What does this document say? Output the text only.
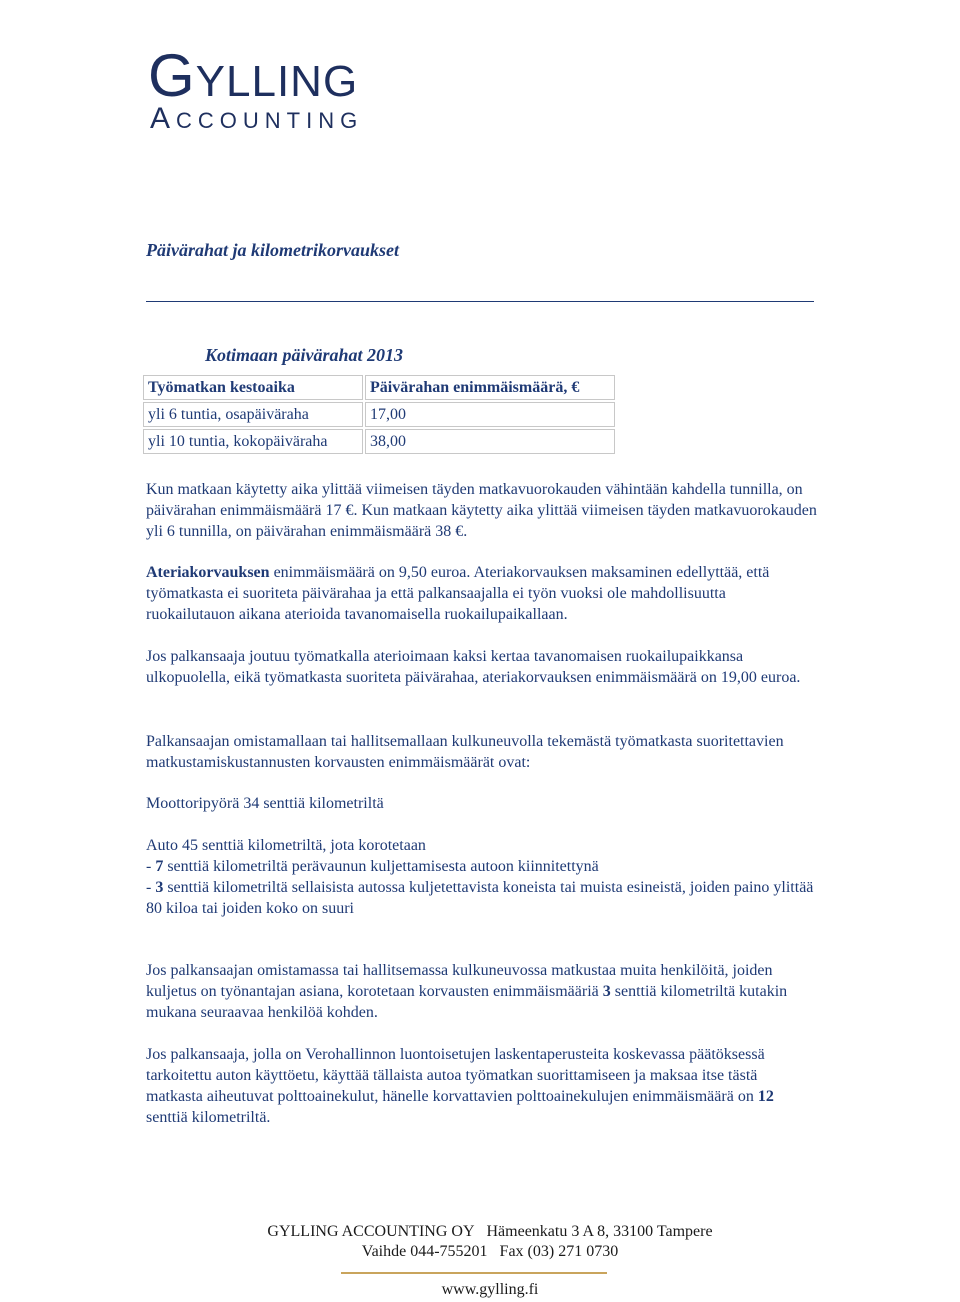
GYLLING
ACCOUNTING
Päivärahat ja kilometrikorvaukset
Kotimaan päivärahat 2013
Työmatkan kestoaika	Päivärahan enimmäismäärä, €
yli 6 tuntia, osapäiväraha	17,00
yli 10 tuntia, kokopäiväraha	38,00
Kun matkaan käytetty aika ylittää viimeisen täyden matkavuorokauden vähintään kahdella tunnilla, on päivärahan enimmäismäärä 17 €. Kun matkaan käytetty aika ylittää viimeisen täyden matkavuorokauden yli 6 tunnilla, on päivärahan enimmäismäärä 38 €.
Ateriakorvauksen enimmäismäärä on 9,50 euroa. Ateriakorvauksen maksaminen edellyttää, että työmatkasta ei suoriteta päivärahaa ja että palkansaajalla ei työn vuoksi ole mahdollisuutta ruokailutauon aikana aterioida tavanomaisella ruokailupaikallaan.
Jos palkansaaja joutuu työmatkalla aterioimaan kaksi kertaa tavanomaisen ruokailupaikkansa ulkopuolella, eikä työmatkasta suoriteta päivärahaa, ateriakorvauksen enimmäismäärä on 19,00 euroa.
Palkansaajan omistamallaan tai hallitsemallaan kulkuneuvolla tekemästä työmatkasta suoritettavien matkustamiskustannusten korvausten enimmäismäärät ovat:
Moottoripyörä 34 senttiä kilometriltä
Auto 45 senttiä kilometriltä, jota korotetaan
- 7 senttiä kilometriltä perävaunun kuljettamisesta autoon kiinnitettynä
- 3 senttiä kilometriltä sellaisista autossa kuljetettavista koneista tai muista esineistä, joiden paino ylittää 80 kiloa tai joiden koko on suuri
Jos palkansaajan omistamassa tai hallitsemassa kulkuneuvossa matkustaa muita henkilöitä, joiden kuljetus on työnantajan asiana, korotetaan korvausten enimmäismääriä 3 senttiä kilometriltä kutakin mukana seuraavaa henkilöä kohden.
Jos palkansaaja, jolla on Verohallinnon luontoisetujen laskentaperusteita koskevassa päätöksessä tarkoitettu auton käyttöetu, käyttää tällaista autoa työmatkan suorittamiseen ja maksaa itse tästä matkasta aiheutuvat polttoainekulut, hänelle korvattavien polttoainekulujen enimmäismäärä on 12 senttiä kilometriltä.
GYLLING ACCOUNTING OY Hämeenkatu 3 A 8, 33100 Tampere
Vaihde 044-755201 Fax (03) 271 0730
www.gylling.fi
